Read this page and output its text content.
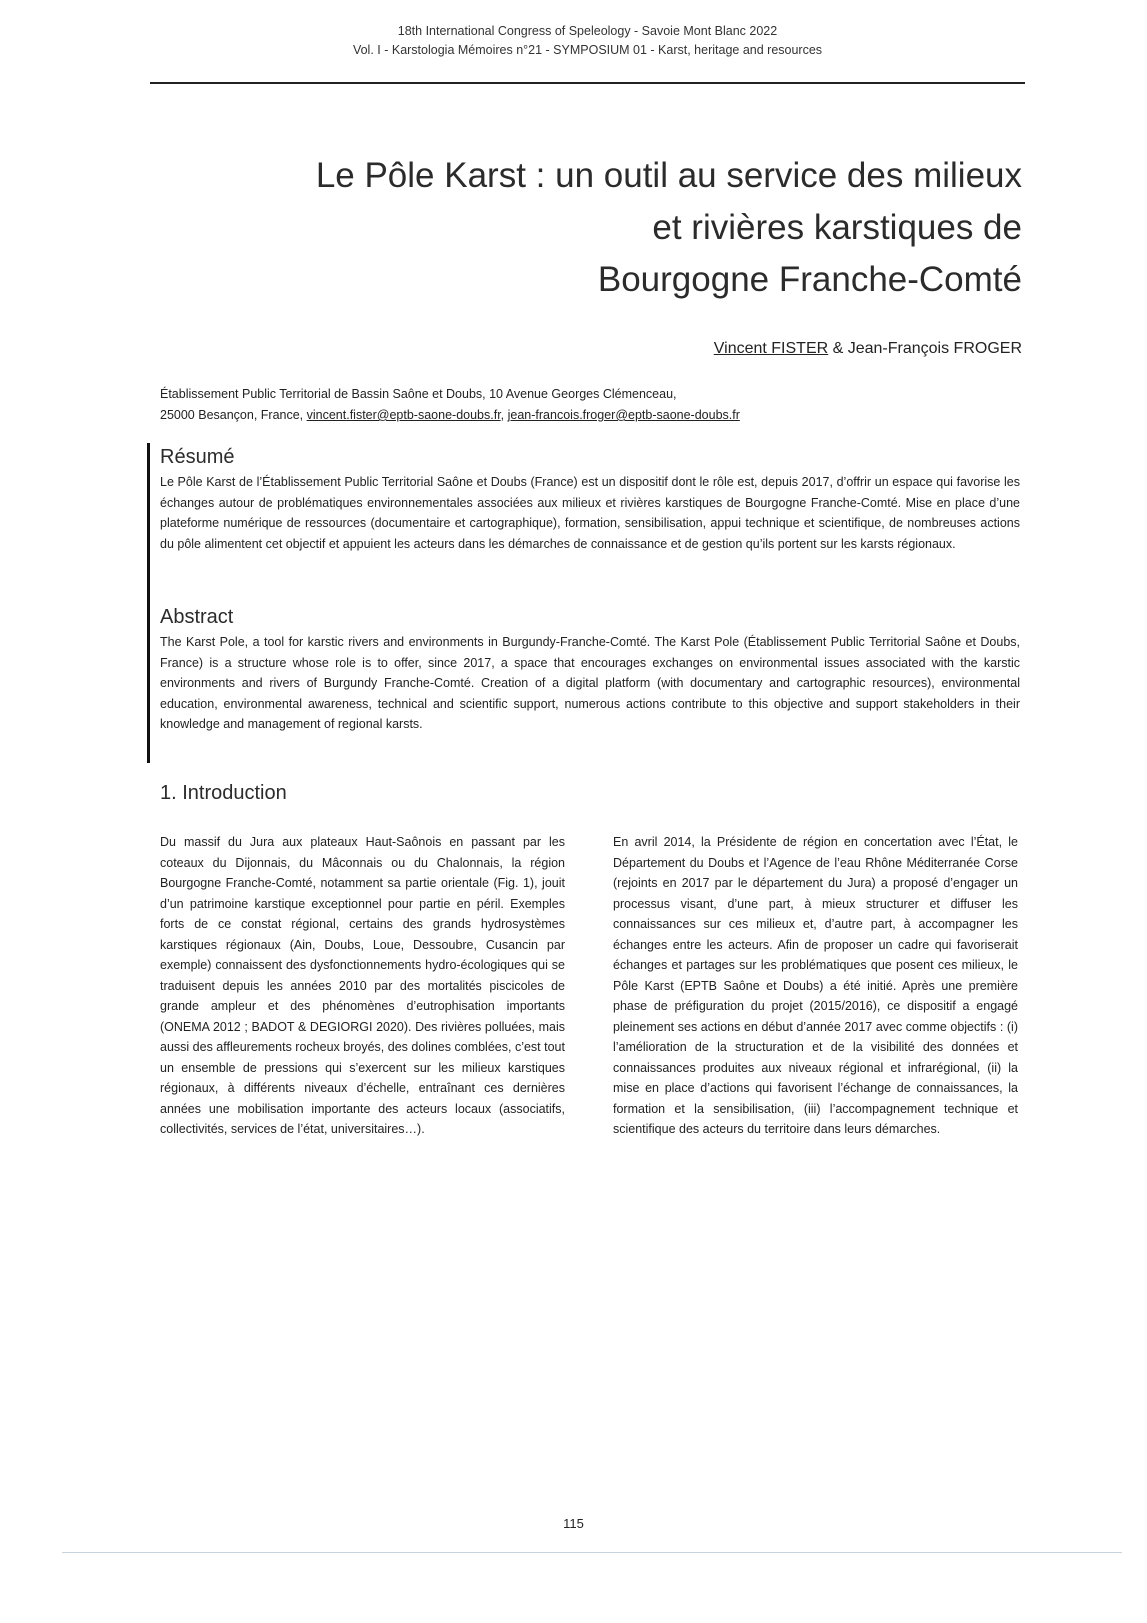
18th International Congress of Speleology - Savoie Mont Blanc 2022
Vol. I - Karstologia Mémoires n°21 - SYMPOSIUM 01 - Karst, heritage and resources
Le Pôle Karst : un outil au service des milieux
et rivières karstiques de
Bourgogne Franche-Comté
Vincent FISTER & Jean-François FROGER
Établissement Public Territorial de Bassin Saône et Doubs, 10 Avenue Georges Clémenceau,
25000 Besançon, France, vincent.fister@eptb-saone-doubs.fr, jean-francois.froger@eptb-saone-doubs.fr
Résumé
Le Pôle Karst de l’Établissement Public Territorial Saône et Doubs (France) est un dispositif dont le rôle est, depuis 2017, d’offrir un espace qui favorise les échanges autour de problématiques environnementales associées aux milieux et rivières karstiques de Bourgogne Franche-Comté. Mise en place d’une plateforme numérique de ressources (documentaire et cartographique), formation, sensibilisation, appui technique et scientifique, de nombreuses actions du pôle alimentent cet objectif et appuient les acteurs dans les démarches de connaissance et de gestion qu’ils portent sur les karsts régionaux.
Abstract
The Karst Pole, a tool for karstic rivers and environments in Burgundy-Franche-Comté. The Karst Pole (Établissement Public Territorial Saône et Doubs, France) is a structure whose role is to offer, since 2017, a space that encourages exchanges on environmental issues associated with the karstic environments and rivers of Burgundy Franche-Comté. Creation of a digital platform (with documentary and cartographic resources), environmental education, environmental awareness, technical and scientific support, numerous actions contribute to this objective and support stakeholders in their knowledge and management of regional karsts.
1. Introduction

Du massif du Jura aux plateaux Haut-Saônois en passant par les coteaux du Dijonnais, du Mâconnais ou du Chalonnais, la région Bourgogne Franche-Comté, notamment sa partie orientale (Fig. 1), jouit d’un patrimoine karstique exceptionnel pour partie en péril. Exemples forts de ce constat régional, certains des grands hydrosystèmes karstiques régionaux (Ain, Doubs, Loue, Dessoubre, Cusancin par exemple) connaissent des dysfonctionnements hydro-écologiques qui se traduisent depuis les années 2010 par des mortalités piscicoles de grande ampleur et des phénomènes d’eutrophisation importants (ONEMA 2012 ; BADOT & DEGIORGI 2020). Des rivières polluées, mais aussi des affleurements rocheux broyés, des dolines comblées, c’est tout un ensemble de pressions qui s’exercent sur les milieux karstiques régionaux, à différents niveaux d’échelle, entraînant ces dernières années une mobilisation importante des acteurs locaux (associatifs, collectivités, services de l’état, universitaires…).

En avril 2014, la Présidente de région en concertation avec l’État, le Département du Doubs et l’Agence de l’eau Rhône Méditerranée Corse (rejoints en 2017 par le département du Jura) a proposé d’engager un processus visant, d’une part, à mieux structurer et diffuser les connaissances sur ces milieux et, d’autre part, à accompagner les échanges entre les acteurs. Afin de proposer un cadre qui favoriserait échanges et partages sur les problématiques que posent ces milieux, le Pôle Karst (EPTB Saône et Doubs) a été initié. Après une première phase de préfiguration du projet (2015/2016), ce dispositif a engagé pleinement ses actions en début d’année 2017 avec comme objectifs : (i) l’amélioration de la structuration et de la visibilité des données et connaissances produites aux niveaux régional et infrarégional, (ii) la mise en place d’actions qui favorisent l’échange de connaissances, la formation et la sensibilisation, (iii) l’accompagnement technique et scientifique des acteurs du territoire dans leurs démarches.

115
